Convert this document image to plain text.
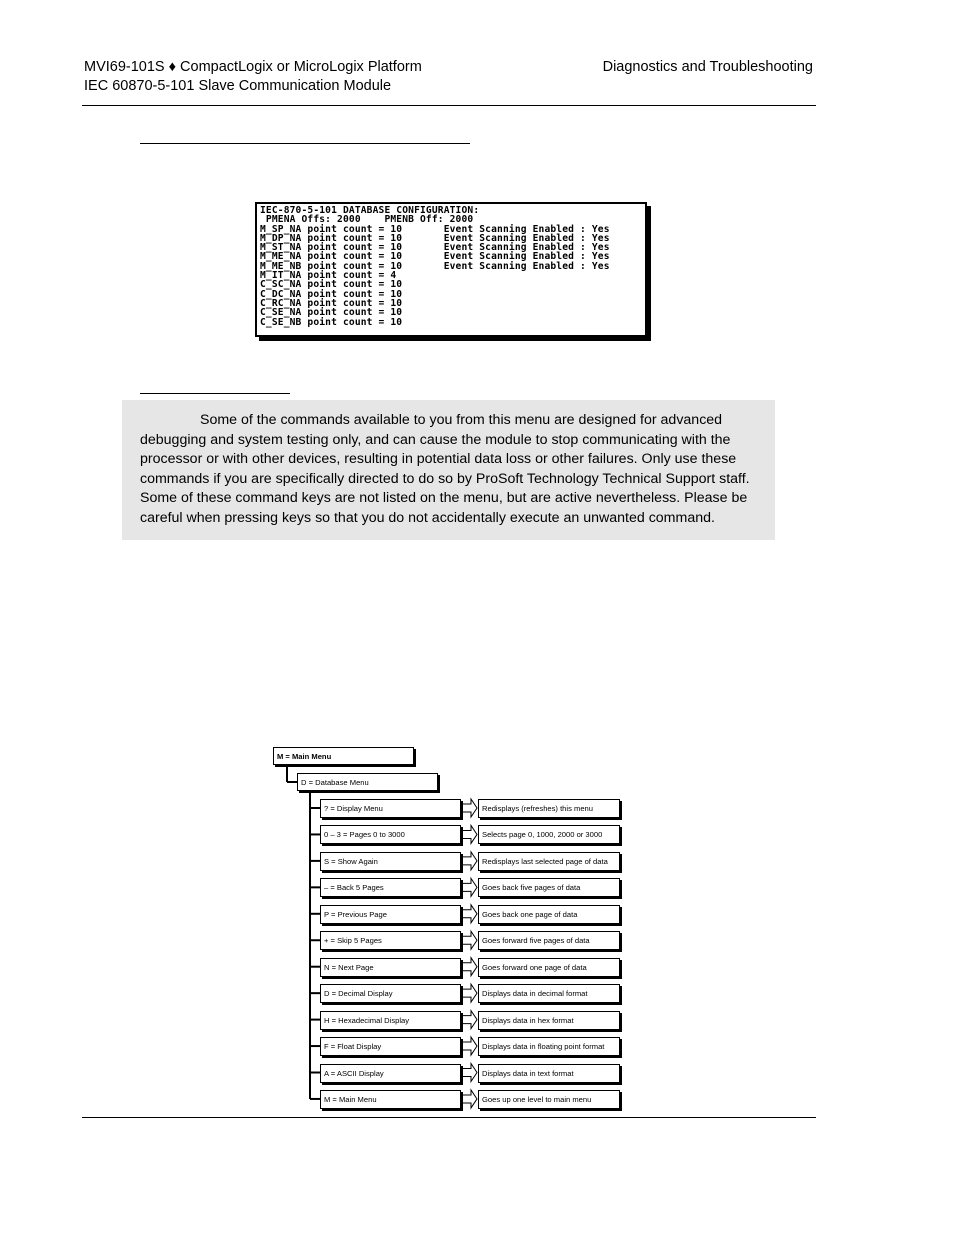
MVI69-101S ♦ CompactLogix or MicroLogix Platform
IEC 60870-5-101 Slave Communication Module
Diagnostics and Troubleshooting
IEC-870-5-101 DATABASE CONFIGURATION:
PMENA Offs: 2000    PMENB Off: 2000
M_SP_NA point count = 10       Event Scanning Enabled : Yes
M_DP_NA point count = 10       Event Scanning Enabled : Yes
M_ST_NA point count = 10       Event Scanning Enabled : Yes
M_ME_NA point count = 10       Event Scanning Enabled : Yes
M_ME_NB point count = 10       Event Scanning Enabled : Yes
M_IT_NA point count = 4
C_SC_NA point count = 10
C_DC_NA point count = 10
C_RC_NA point count = 10
C_SE_NA point count = 10
C_SE_NB point count = 10
Some of the commands available to you from this menu are designed for advanced debugging and system testing only, and can cause the module to stop communicating with the processor or with other devices, resulting in potential data loss or other failures. Only use these commands if you are specifically directed to do so by ProSoft Technology Technical Support staff. Some of these command keys are not listed on the menu, but are active nevertheless. Please be careful when pressing keys so that you do not accidentally execute an unwanted command.
M = Main Menu
D = Database Menu
? = Display Menu	Redisplays (refreshes) this menu
0 – 3 = Pages 0 to 3000	Selects page 0, 1000, 2000 or 3000
S = Show Again	Redisplays last selected page of data
– = Back 5 Pages	Goes back five pages of data
P = Previous Page	Goes back one page of data
+ = Skip 5 Pages	Goes forward five pages of data
N = Next Page	Goes forward one page of data
D = Decimal Display	Displays data in decimal format
H = Hexadecimal Display	Displays data in hex format
F = Float Display	Displays data in floating point format
A = ASCII Display	Displays data in text format
M = Main Menu	Goes up one level to main menu
